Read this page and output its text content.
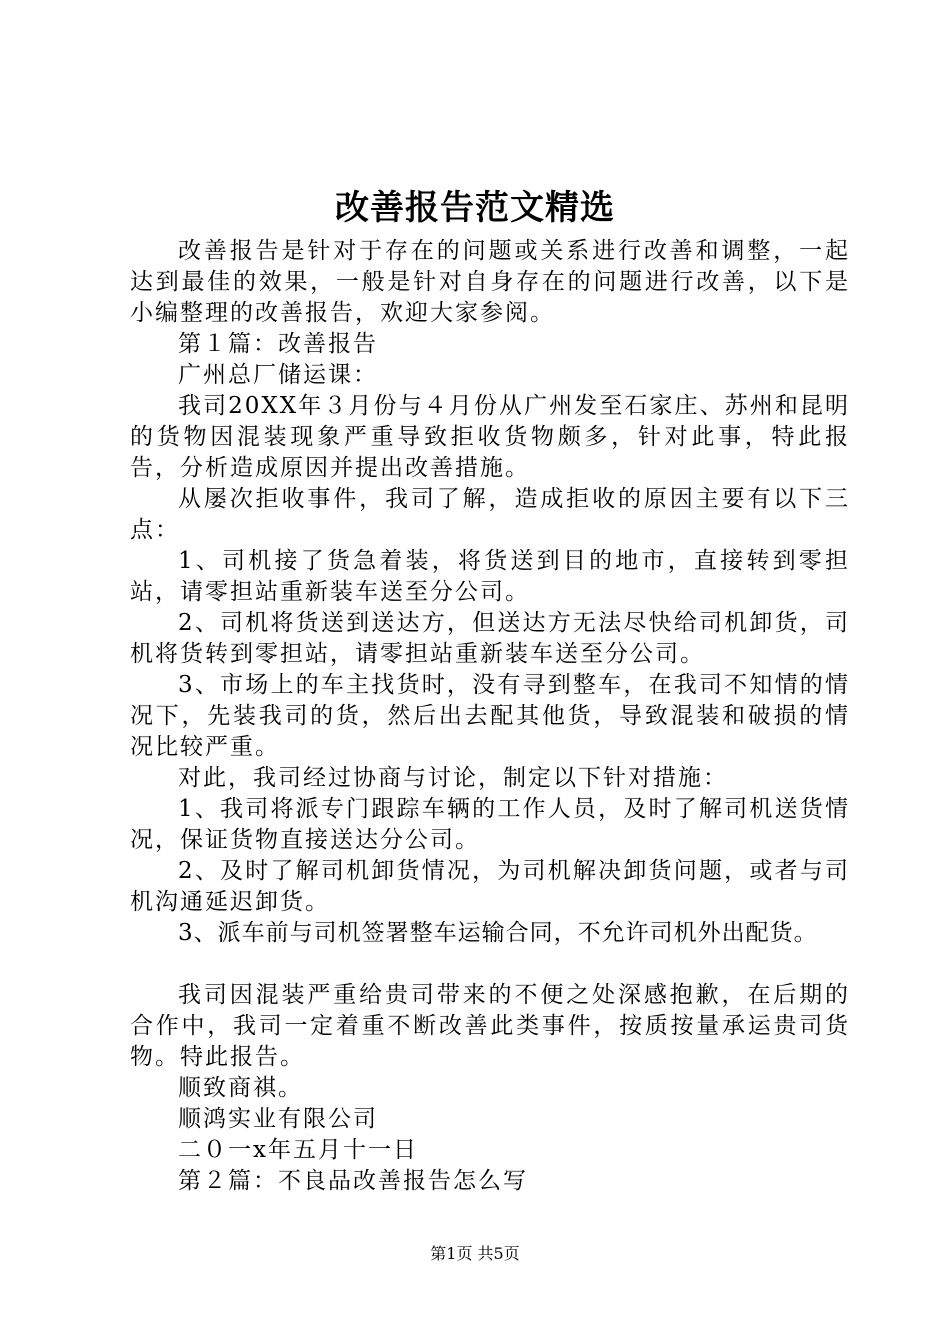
改善报告范文精选

改善报告是针对于存在的问题或关系进行改善和调整，一起达到最佳的效果，一般是针对自身存在的问题进行改善，以下是小编整理的改善报告，欢迎大家参阅。

第１篇：改善报告

广州总厂储运课：

我司20XX年３月份与４月份从广州发至石家庄、苏州和昆明的货物因混装现象严重导致拒收货物颇多，针对此事，特此报告，分析造成原因并提出改善措施。

从屡次拒收事件，我司了解，造成拒收的原因主要有以下三点：

1、司机接了货急着装，将货送到目的地市，直接转到零担站，请零担站重新装车送至分公司。

2、司机将货送到送达方，但送达方无法尽快给司机卸货，司机将货转到零担站，请零担站重新装车送至分公司。

3、市场上的车主找货时，没有寻到整车，在我司不知情的情况下，先装我司的货，然后出去配其他货，导致混装和破损的情况比较严重。

对此，我司经过协商与讨论，制定以下针对措施：

1、我司将派专门跟踪车辆的工作人员，及时了解司机送货情况，保证货物直接送达分公司。

2、及时了解司机卸货情况，为司机解决卸货问题，或者与司机沟通延迟卸货。

3、派车前与司机签署整车运输合同，不允许司机外出配货。

我司因混装严重给贵司带来的不便之处深感抱歉，在后期的合作中，我司一定着重不断改善此类事件，按质按量承运贵司货物。特此报告。

顺致商祺。

顺鸿实业有限公司

二０一x年五月十一日

第２篇：不良品改善报告怎么写

第1页 共5页
